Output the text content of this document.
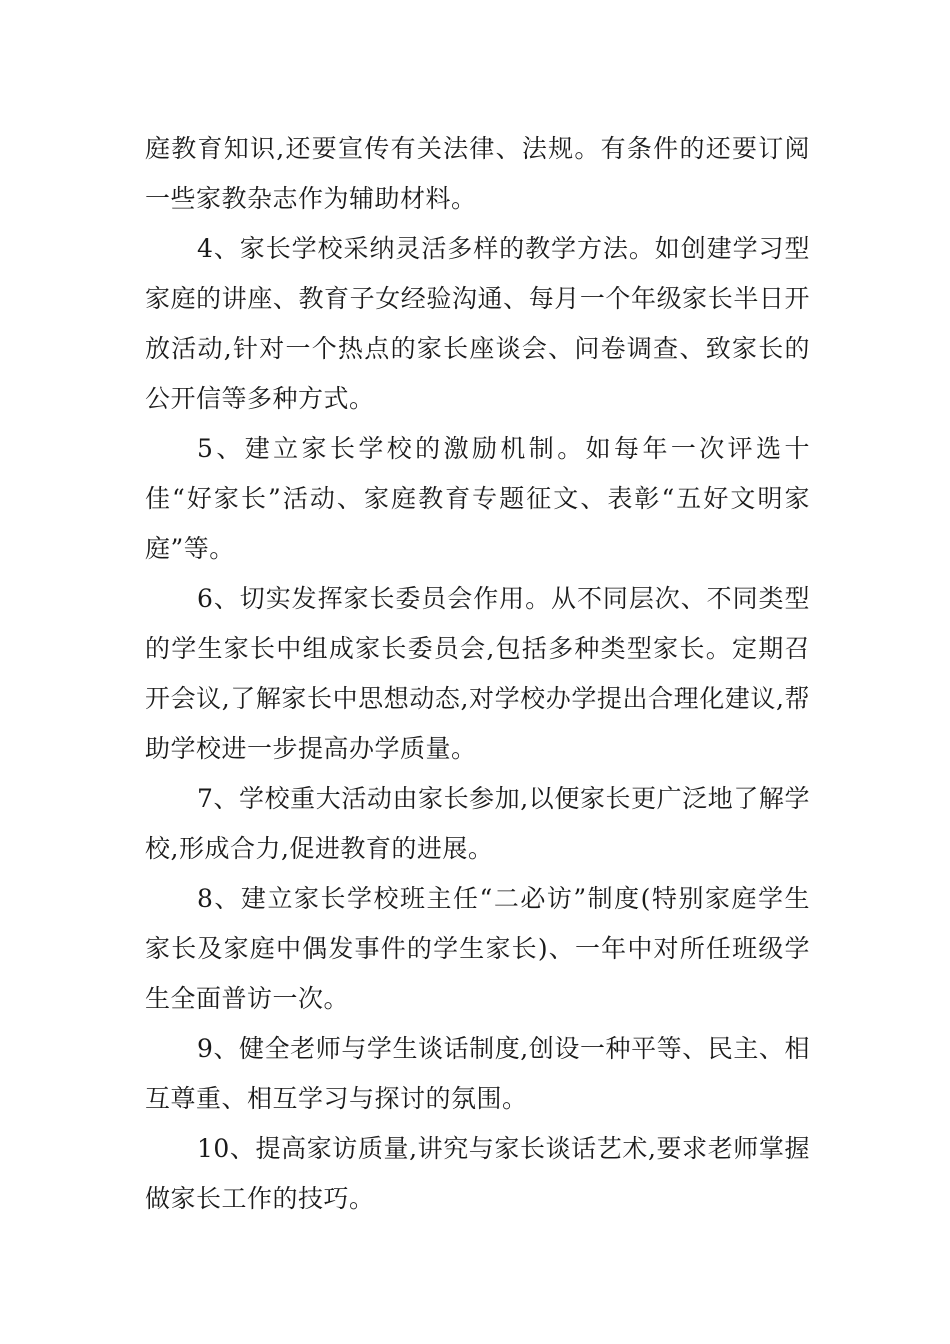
庭教育知识,还要宣传有关法律、法规。有条件的还要订阅一些家教杂志作为辅助材料。

4、家长学校采纳灵活多样的教学方法。如创建学习型家庭的讲座、教育子女经验沟通、每月一个年级家长半日开放活动,针对一个热点的家长座谈会、问卷调查、致家长的公开信等多种方式。

5、建立家长学校的激励机制。如每年一次评选十佳“好家长”活动、家庭教育专题征文、表彰“五好文明家庭”等。

6、切实发挥家长委员会作用。从不同层次、不同类型的学生家长中组成家长委员会,包括多种类型家长。定期召开会议,了解家长中思想动态,对学校办学提出合理化建议,帮助学校进一步提高办学质量。

7、学校重大活动由家长参加,以便家长更广泛地了解学校,形成合力,促进教育的进展。

8、建立家长学校班主任“二必访”制度(特别家庭学生家长及家庭中偶发事件的学生家长)、一年中对所任班级学生全面普访一次。

9、健全老师与学生谈话制度,创设一种平等、民主、相互尊重、相互学习与探讨的氛围。

10、提高家访质量,讲究与家长谈话艺术,要求老师掌握做家长工作的技巧。
